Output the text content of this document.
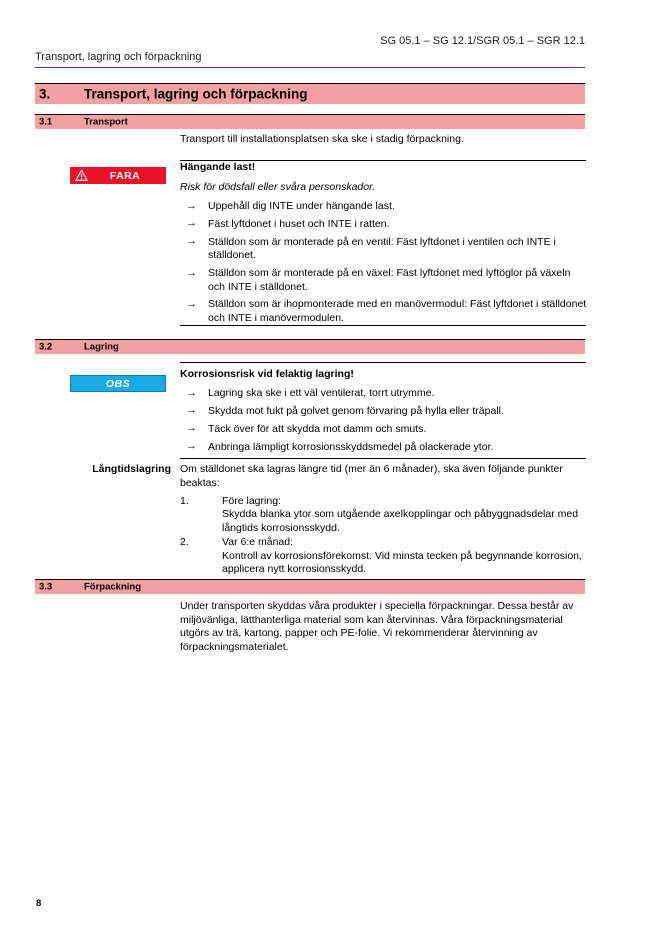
SG 05.1 – SG 12.1/SGR 05.1 – SGR 12.1
Transport, lagring och förpackning
3. Transport, lagring och förpackning
3.1	Transport
Transport till installationsplatsen ska ske i stadig förpackning.
FARA
Hängande last!
Risk för dödsfall eller svåra personskador.
→ Uppehåll dig INTE under hängande last.
→ Fäst lyftdonet i huset och INTE i ratten.
→ Ställdon som är monterade på en ventil: Fäst lyftdonet i ventilen och INTE i ställdonet.
→ Ställdon som är monterade på en växel: Fäst lyftdonet med lyftöglor på växeln och INTE i ställdonet.
→ Ställdon som är ihopmonterade med en manövermodul: Fäst lyftdonet i ställdonet och INTE i manövermodulen.
3.2	Lagring
OBS
Korrosionsrisk vid felaktig lagring!
→ Lagring ska ske i ett väl ventilerat, torrt utrymme.
→ Skydda mot fukt på golvet genom förvaring på hylla eller träpall.
→ Täck över för att skydda mot damm och smuts.
→ Anbringa lämpligt korrosionsskyddsmedel på olackerade ytor.
Långtidslagring Om ställdonet ska lagras längre tid (mer än 6 månader), ska även följande punkter beaktas:
1.	Före lagring:
Skydda blanka ytor som utgående axelkopplingar och påbyggnadsdelar med långtids korrosionsskydd.
2.	Var 6:e månad:
Kontroll av korrosionsförekomst. Vid minsta tecken på begynnande korrosion, applicera nytt korrosionsskydd.
3.3	Förpackning
Under transporten skyddas våra produkter i speciella förpackningar. Dessa består av miljövänliga, lätthanterliga material som kan återvinnas. Våra förpackningsmaterial utgörs av trä, kartong, papper och PE-folie. Vi rekommenderar återvinning av förpackningsmaterialet.
8
